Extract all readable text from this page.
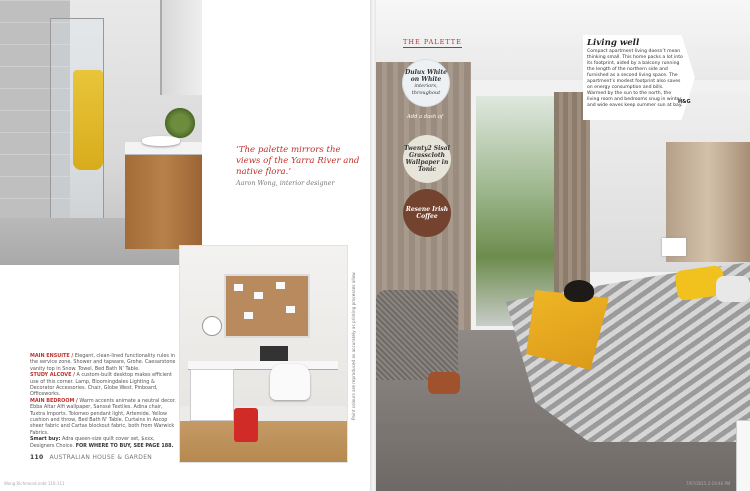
‘The palette mirrors the views of the Yarra River and native flora.’
Aaron Wong, interior designer

MAIN ENSUITE / Elegant, clean-lined functionality rules in the service zone. Shower and tapware, Grohe. Caesarstone vanity top in Snow. Towel, Bed Bath N’ Table.

STUDY ALCOVE / A custom-built desktop makes efficient use of this corner. Lamp, Bloomingdales Lighting & Decorator Accessories. Chair, Globe West. Pinboard, Officeworks.

MAIN BEDROOM / Warm accents animate a neutral decor. Ebba Altar Alfi wallpaper, Sanssé Textiles. Adina chair, Tuxtra Imports. Tolomeo pendant light, Artemide. Yellow cushion and throw, Bed Bath N’ Table. Curtains in Ascop sheer fabric and Cartas blockout fabric, both from Warwick Fabrics.

Smart buy: Adra queen-size quilt cover set, $xxx, Designers Choice. FOR WHERE TO BUY, SEE PAGE 188.

110 AUSTRALIAN HOUSE & GARDEN
Wong Richmond.indd 110-111
Paint colours are reproduced as accurately as printing processes allow.
THE PALETTE
Dulux White on White
interiors, throughout
Add a dash of
Twenty2 Sisal Grasscloth Wallpaper in Tonic
Resene Irish Coffee
Living well
Compact apartment living doesn’t mean thinking small. This home packs a lot into its footprint, aided by a balcony running the length of the northern side and furnished as a second living space. The apartment’s modest footprint also saves on energy consumption and bills. Warmed by the sun to the north, the living room and bedrooms snug in winter, and wide eaves keep summer sun at bay.
H&G
7/07/2015 2:19:46 PM
